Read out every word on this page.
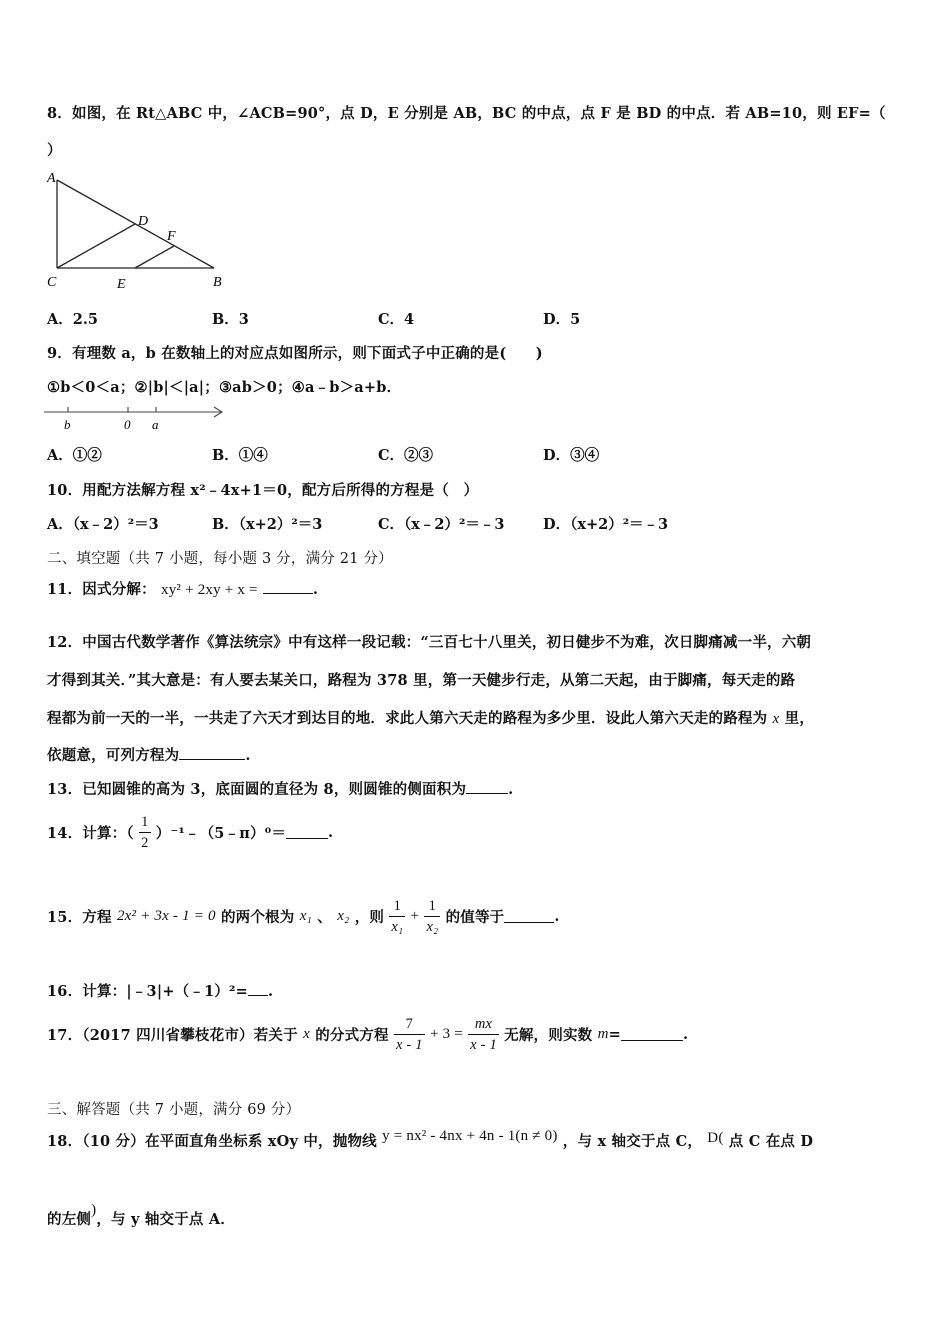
8．如图，在 Rt△ABC 中，∠ACB=90°，点 D，E 分别是 AB，BC 的中点，点 F 是 BD 的中点．若 AB=10，则 EF=（
）
A
D
F
C	E	B
A．2.5	B．3	C．4	D．5
9．有理数 a，b 在数轴上的对应点如图所示，则下面式子中正确的是(　　)
①b＜0＜a；②|b|＜|a|；③ab＞0；④a﹣b＞a+b．
b	0 a
A．①②	B．①④	C．②③	D．③④
10．用配方法解方程 x²﹣4x+1＝0，配方后所得的方程是（　）
A．（x﹣2）²＝3	B．（x+2）²＝3	C．（x﹣2）²＝﹣3	D．（x+2）²＝﹣3
二、填空题（共 7 小题，每小题 3 分，满分 21 分）
11．因式分解： xy² + 2xy + x =	.
12．中国古代数学著作《算法统宗》中有这样一段记载：“三百七十八里关，初日健步不为难，次日脚痛减一半，六朝
才得到其关．”其大意是：有人要去某关口，路程为 378 里，第一天健步行走，从第二天起，由于脚痛，每天走的路
程都为前一天的一半，一共走了六天才到达目的地．求此人第六天走的路程为多少里．设此人第六天走的路程为 x 里，
依题意，可列方程为	.
13．已知圆锥的高为 3，底面圆的直径为 8，则圆锥的侧面积为	.
14．计算：（ $\frac{1}{2}$ ）⁻¹﹣（5﹣π）⁰＝	.
15．方程 2x² + 3x - 1 = 0 的两个根为 x₁ 、 x₂ ，则 $\frac{1}{\text{x₁}} + \frac{1}{\text{x₂}}$ 的值等于	.
16．计算：|﹣3|+（﹣1）²= .
17．（2017 四川省攀枝花市）若关于 x 的分式方程 $\frac{7}{x - 1} + 3 = \frac{mx}{x - 1}$ 无解，则实数 m=	.
三、解答题（共 7 小题，满分 69 分）
18．（10 分）在平面直角坐标系 xOy 中，抛物线 y = nx² - 4nx + 4n - 1(n ≠ 0) ，与 x 轴交于点 C， D( 点 C 在点 D
的左侧)，与 y 轴交于点 A．
